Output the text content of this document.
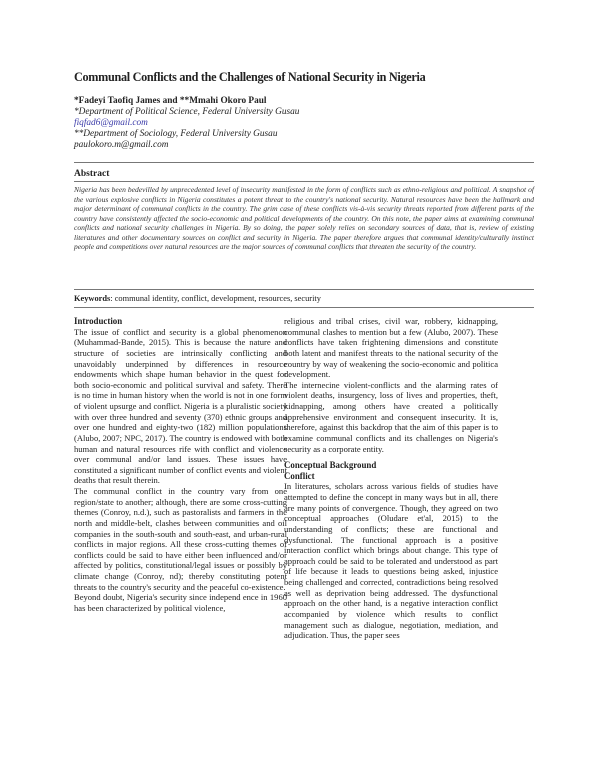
Communal Conflicts and the Challenges of National Security in Nigeria
*Fadeyi Taofiq James and **Mmahi Okoro Paul
*Department of Political Science, Federal University Gusau
fiqfad6@gmail.com
**Department of Sociology, Federal University Gusau
paulokoro.m@gmail.com
Abstract
Nigeria has been bedevilled by unprecedented level of insecurity manifested in the form of conflicts such as ethno-religious and political. A snapshot of the various explosive conflicts in Nigeria constitutes a potent threat to the country's national security. Natural resources have been the hallmark and major determinant of communal conflicts in the country. The grim case of these conflicts vis-à-vis security threats reported from different parts of the country have consistently affected the socio-economic and political developments of the country. On this note, the paper aims at examining communal conflicts and national security challenges in Nigeria. By so doing, the paper solely relies on secondary sources of data, that is, review of existing literatures and other documentary sources on conflict and security in Nigeria. The paper therefore argues that communal identity/culturally instinct people and competitions over natural resources are the major sources of communal conflicts that threaten the security of the country.
Keywords: communal identity, conflict, development, resources, security
Introduction

The issue of conflict and security is a global phenomenon (Muhammad-Bande, 2015). This is because the nature and structure of societies are intrinsically conflicting and unavoidably underpinned by differences in resource endowments which shape human behavior in the quest for both socio-economic and political survival and safety. There is no time in human history when the world is not in one form of violent upsurge and conflict. Nigeria is a pluralistic society with over three hundred and seventy (370) ethnic groups and over one hundred and eighty-two (182) million populations (Alubo, 2007; NPC, 2017). The country is endowed with both human and natural resources rife with conflict and violence over communal and/or land issues. These issues have constituted a significant number of conflict events and violent deaths that result therein.

The communal conflict in the country vary from one region/state to another; although, there are some cross-cutting themes (Conroy, n.d.), such as pastoralists and farmers in the north and middle-belt, clashes between communities and oil companies in the south-south and south-east, and urban-rural conflicts in major regions. All these cross-cutting themes of conflicts could be said to have either been influenced and/or affected by politics, constitutional/legal issues or possibly by climate change (Conroy, nd); thereby constituting potent threats to the country's security and the peaceful co-existence.

Beyond doubt, Nigeria's security since independ ence in 1960 has been characterized by political violence,

religious and tribal crises, civil war, robbery, kidnapping, communal clashes to mention but a few (Alubo, 2007). These conflicts have taken frightening dimensions and constitute both latent and manifest threats to the national security of the country by way of weakening the socio-economic and politica development.

The internecine violent-conflicts and the alarming rates of violent deaths, insurgency, loss of lives and properties, theft, kidnapping, among others have created a politically apprehensive environment and consequent insecurity. It is, therefore, against this backdrop that the aim of this paper is to examine communal conflicts and its challenges on Nigeria's security as a corporate entity.

Conceptual Background
Conflict

In literatures, scholars across various fields of studies have attempted to define the concept in many ways but in all, there are many points of convergence. Though, they agreed on two conceptual approaches (Oludare et'al, 2015) to the understanding of conflicts; these are functional and dysfunctional. The functional approach is a positive interaction conflict which brings about change. This type of approach could be said to be tolerated and understood as part of life because it leads to questions being asked, injustice being challenged and corrected, contradictions being resolved as well as deprivation being addressed. The dysfunctional approach on the other hand, is a negative interaction conflict accompanied by violence which results to conflict management such as dialogue, negotiation, mediation, and adjudication. Thus, the paper sees
